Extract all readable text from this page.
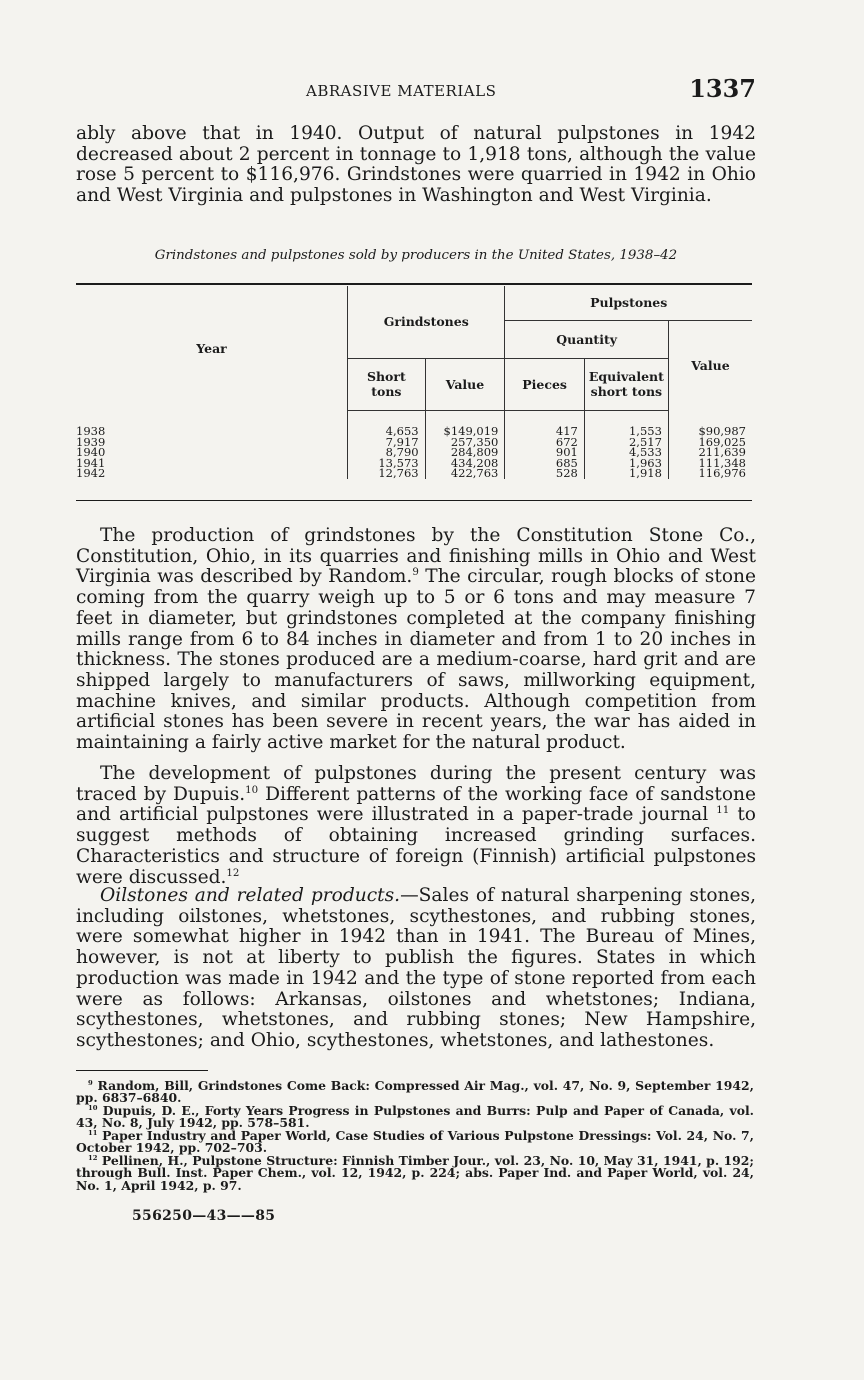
ABRASIVE MATERIALS	1337

ably above that in 1940. Output of natural pulpstones in 1942 decreased about 2 percent in tonnage to 1,918 tons, although the value rose 5 percent to $116,976. Grindstones were quarried in 1942 in Ohio and West Virginia and pulpstones in Washington and West Virginia.

Grindstones and pulpstones sold by producers in the United States, 1938–42
Year	Grindstones		Pulpstones		
			Quantity		Value
	Short tons	Value	Pieces	Equivalent short tons	

1938	4,653	$149,019	417	1,553	$90,987
1939	7,917	257,350	672	2,517	169,025
1940	8,790	284,809	901	4,533	211,639
1941	13,573	434,208	685	1,963	111,348
1942	12,763	422,763	528	1,918	116,976

The production of grindstones by the Constitution Stone Co., Constitution, Ohio, in its quarries and finishing mills in Ohio and West Virginia was described by Random.$^9$ The circular, rough blocks of stone coming from the quarry weigh up to 5 or 6 tons and may measure 7 feet in diameter, but grindstones completed at the company finishing mills range from 6 to 84 inches in diameter and from 1 to 20 inches in thickness. The stones produced are a medium-coarse, hard grit and are shipped largely to manufacturers of saws, millworking equipment, machine knives, and similar products. Although competition from artificial stones has been severe in recent years, the war has aided in maintaining a fairly active market for the natural product.

The development of pulpstones during the present century was traced by Dupuis.$^{10}$ Different patterns of the working face of sandstone and artificial pulpstones were illustrated in a paper-trade journal $^{11}$ to suggest methods of obtaining increased grinding surfaces. Characteristics and structure of foreign (Finnish) artificial pulpstones were discussed.$^{12}$

Oilstones and related products.—Sales of natural sharpening stones, including oilstones, whetstones, scythestones, and rubbing stones, were somewhat higher in 1942 than in 1941. The Bureau of Mines, however, is not at liberty to publish the figures. States in which production was made in 1942 and the type of stone reported from each were as follows: Arkansas, oilstones and whetstones; Indiana, scythestones, whetstones, and rubbing stones; New Hampshire, scythestones; and Ohio, scythestones, whetstones, and lathestones.

$^9$ Random, Bill, Grindstones Come Back: Compressed Air Mag., vol. 47, No. 9, September 1942, pp. 6837–6840.

$^{10}$ Dupuis, D. E., Forty Years Progress in Pulpstones and Burrs: Pulp and Paper of Canada, vol. 43, No. 8, July 1942, pp. 578–581.

$^{11}$ Paper Industry and Paper World, Case Studies of Various Pulpstone Dressings: Vol. 24, No. 7, October 1942, pp. 702–703.

$^{12}$ Pellinen, H., Pulpstone Structure: Finnish Timber Jour., vol. 23, No. 10, May 31, 1941, p. 192; through Bull. Inst. Paper Chem., vol. 12, 1942, p. 224; abs. Paper Ind. and Paper World, vol. 24, No. 1, April 1942, p. 97.

556250—43——85
